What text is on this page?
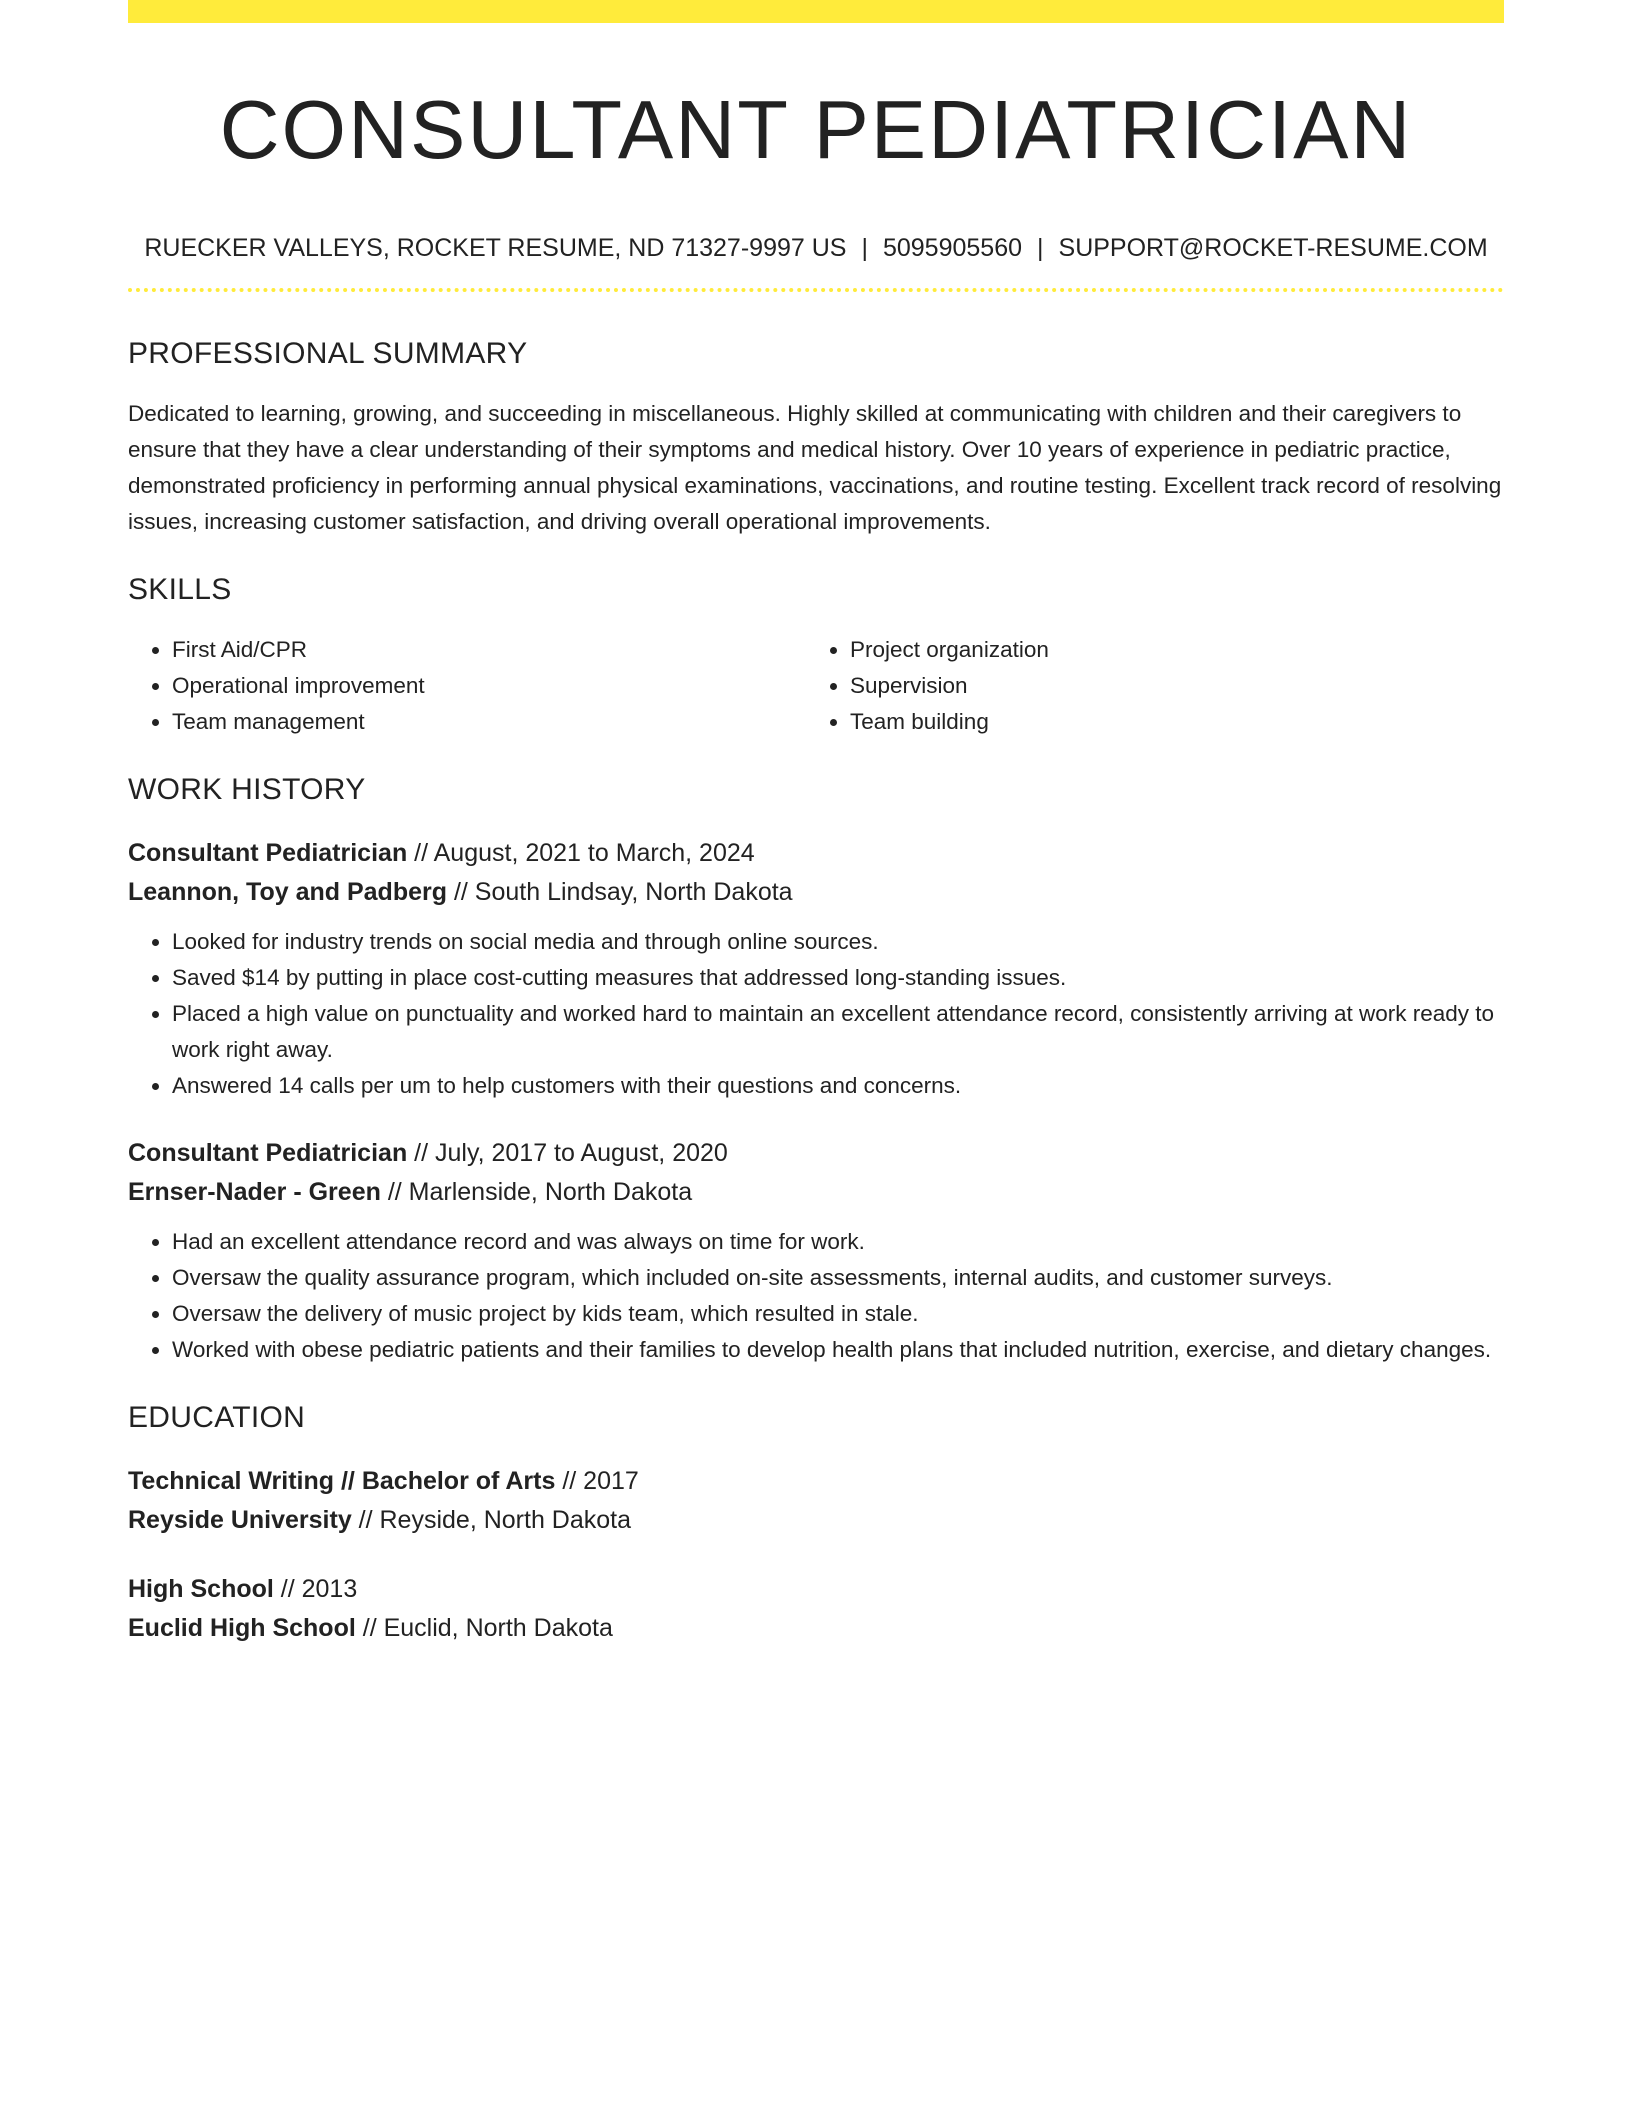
CONSULTANT PEDIATRICIAN
RUECKER VALLEYS, ROCKET RESUME, ND 71327-9997 US | 5095905560 | SUPPORT@ROCKET-RESUME.COM
PROFESSIONAL SUMMARY
Dedicated to learning, growing, and succeeding in miscellaneous. Highly skilled at communicating with children and their caregivers to ensure that they have a clear understanding of their symptoms and medical history. Over 10 years of experience in pediatric practice, demonstrated proficiency in performing annual physical examinations, vaccinations, and routine testing. Excellent track record of resolving issues, increasing customer satisfaction, and driving overall operational improvements.
SKILLS
• First Aid/CPR
• Operational improvement
• Team management
• Project organization
• Supervision
• Team building
WORK HISTORY
Consultant Pediatrician // August, 2021 to March, 2024
Leannon, Toy and Padberg // South Lindsay, North Dakota
• Looked for industry trends on social media and through online sources.
• Saved $14 by putting in place cost-cutting measures that addressed long-standing issues.
• Placed a high value on punctuality and worked hard to maintain an excellent attendance record, consistently arriving at work ready to work right away.
• Answered 14 calls per um to help customers with their questions and concerns.
Consultant Pediatrician // July, 2017 to August, 2020
Ernser-Nader - Green // Marlenside, North Dakota
• Had an excellent attendance record and was always on time for work.
• Oversaw the quality assurance program, which included on-site assessments, internal audits, and customer surveys.
• Oversaw the delivery of music project by kids team, which resulted in stale.
• Worked with obese pediatric patients and their families to develop health plans that included nutrition, exercise, and dietary changes.
EDUCATION
Technical Writing // Bachelor of Arts // 2017
Reyside University // Reyside, North Dakota
High School // 2013
Euclid High School // Euclid, North Dakota
